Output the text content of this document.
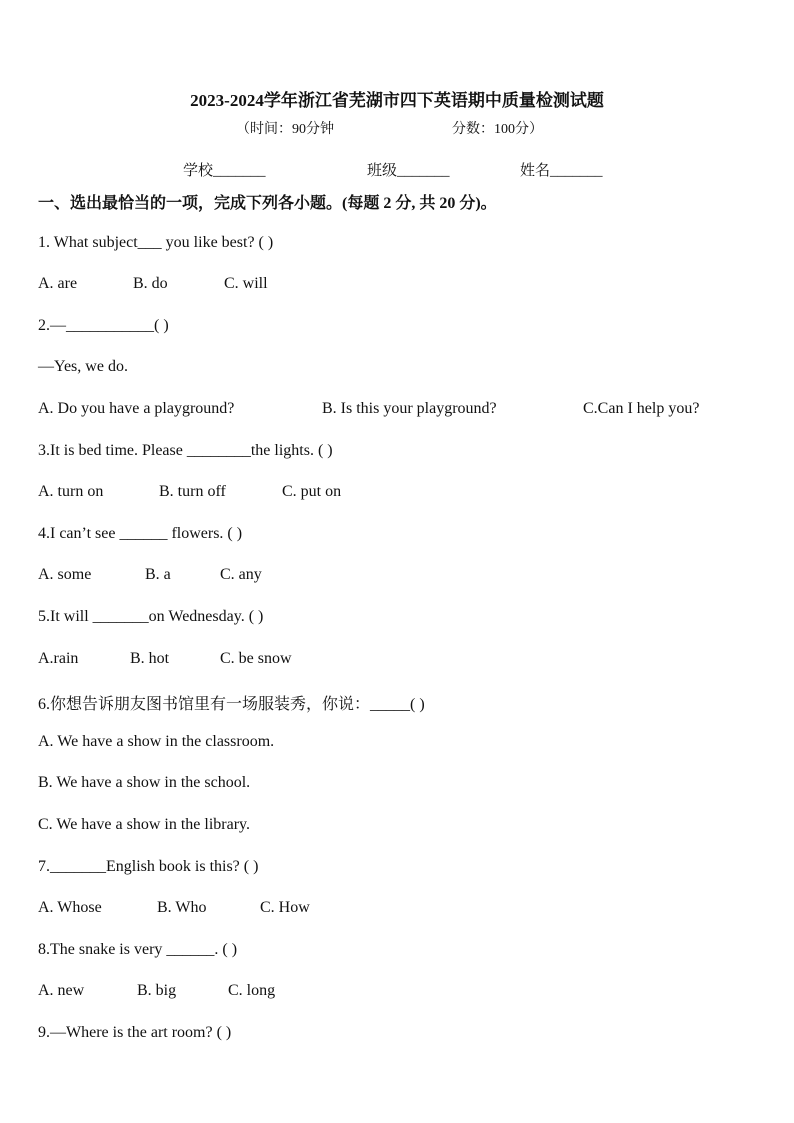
2023-2024学年浙江省芜湖市四下英语期中质量检测试题
（时间：90分钟	分数：100分）
学校_______	班级_______	姓名_______
一、选出最恰当的一项，完成下列各小题。(每题 2 分, 共 20 分)。
1. What subject___ you like best? ( )
A. are	B. do	C. will
2.—___________( )
—Yes, we do.
A. Do you have a playground?	B. Is this your playground?	C.Can I help you?
3.It is bed time. Please ________the lights. ( )
A. turn on	B. turn off	C. put on
4.I can’t see ______ flowers. ( )
A. some	B. a	C. any
5.It will _______on Wednesday. ( )
A.rain	B. hot	C. be snow
6.你想告诉朋友图书馆里有一场服装秀，你说：_____( )
A. We have a show in the classroom.
B. We have a show in the school.
C. We have a show in the library.
7._______English book is this? ( )
A. Whose	B. Who	C. How
8.The snake is very ______. ( )
A. new	B. big	C. long
9.—Where is the art room? ( )
